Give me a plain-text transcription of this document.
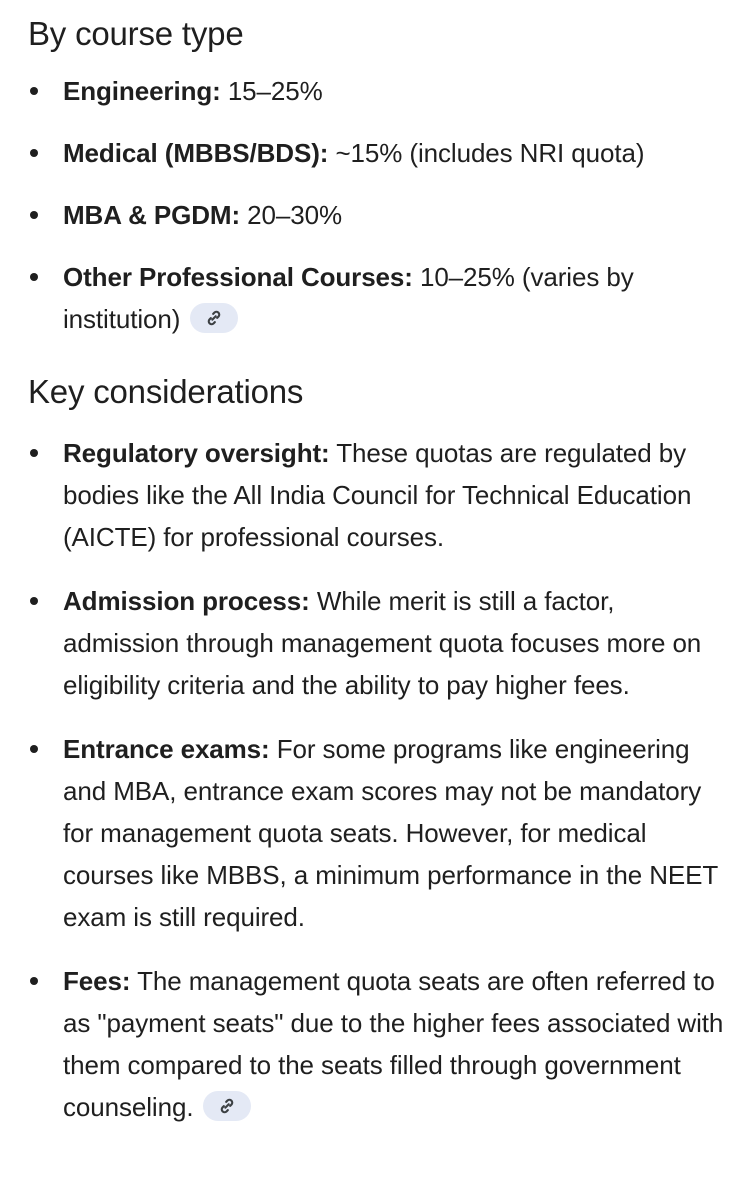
By course type
Engineering: 15–25%
Medical (MBBS/BDS): ~15% (includes NRI quota)
MBA & PGDM: 20–30%
Other Professional Courses: 10–25% (varies by institution)
Key considerations
Regulatory oversight: These quotas are regulated by bodies like the All India Council for Technical Education (AICTE) for professional courses.
Admission process: While merit is still a factor, admission through management quota focuses more on eligibility criteria and the ability to pay higher fees.
Entrance exams: For some programs like engineering and MBA, entrance exam scores may not be mandatory for management quota seats. However, for medical courses like MBBS, a minimum performance in the NEET exam is still required.
Fees: The management quota seats are often referred to as "payment seats" due to the higher fees associated with them compared to the seats filled through government counseling.
